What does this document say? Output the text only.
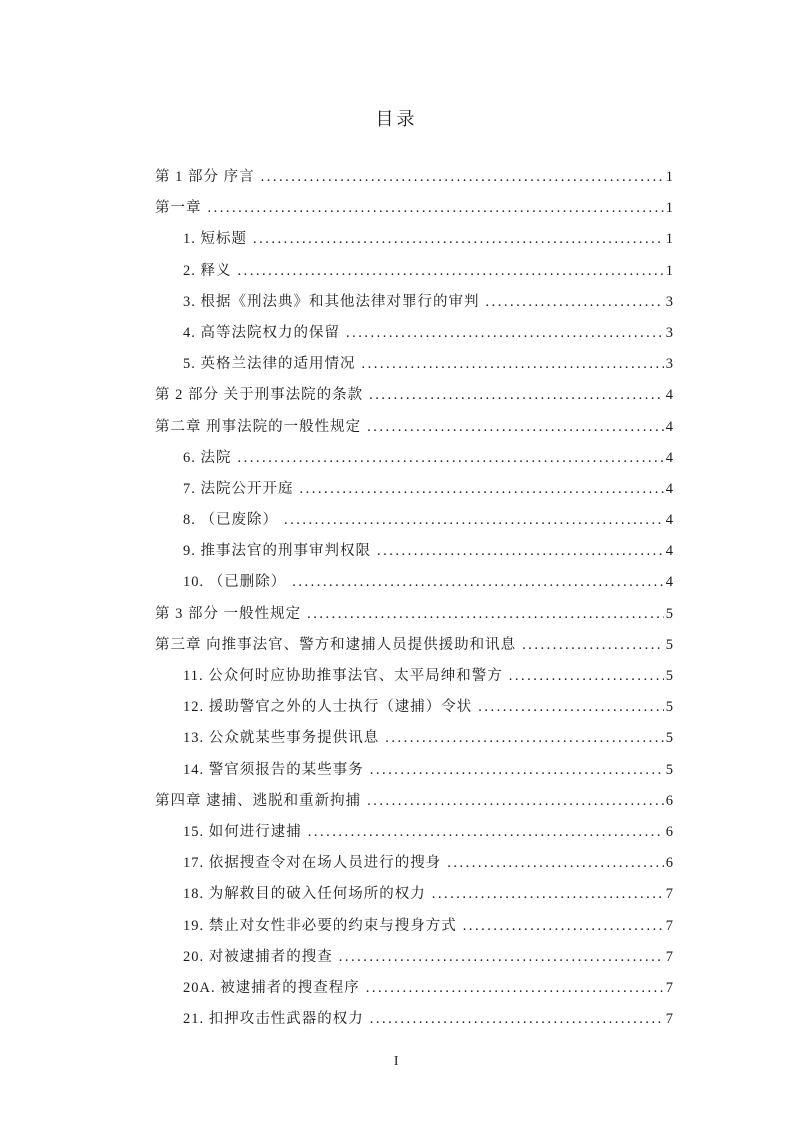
目录
第 1 部分 序言 .....	1
第一章 .....	1
1. 短标题 .....	1
2. 释义 .....	1
3. 根据《刑法典》和其他法律对罪行的审判 .....	3
4. 高等法院权力的保留 .....	3
5. 英格兰法律的适用情况 .....	3
第 2 部分 关于刑事法院的条款 .....	4
第二章 刑事法院的一般性规定 .....	4
6. 法院 .....	4
7. 法院公开开庭 .....	4
8. （已废除） .....	4
9. 推事法官的刑事审判权限 .....	4
10. （已删除） .....	4
第 3 部分 一般性规定 .....	5
第三章 向推事法官、警方和逮捕人员提供援助和讯息 .....	5
11. 公众何时应协助推事法官、太平局绅和警方 .....	5
12. 援助警官之外的人士执行（逮捕）令状 .....	5
13. 公众就某些事务提供讯息 .....	5
14. 警官须报告的某些事务 .....	5
第四章 逮捕、逃脱和重新拘捕 .....	6
15. 如何进行逮捕 .....	6
17. 依据搜查令对在场人员进行的搜身 .....	6
18. 为解救目的破入任何场所的权力 .....	7
19. 禁止对女性非必要的约束与搜身方式 .....	7
20. 对被逮捕者的搜查 .....	7
20A. 被逮捕者的搜查程序 .....	7
21. 扣押攻击性武器的权力 .....	7
I
